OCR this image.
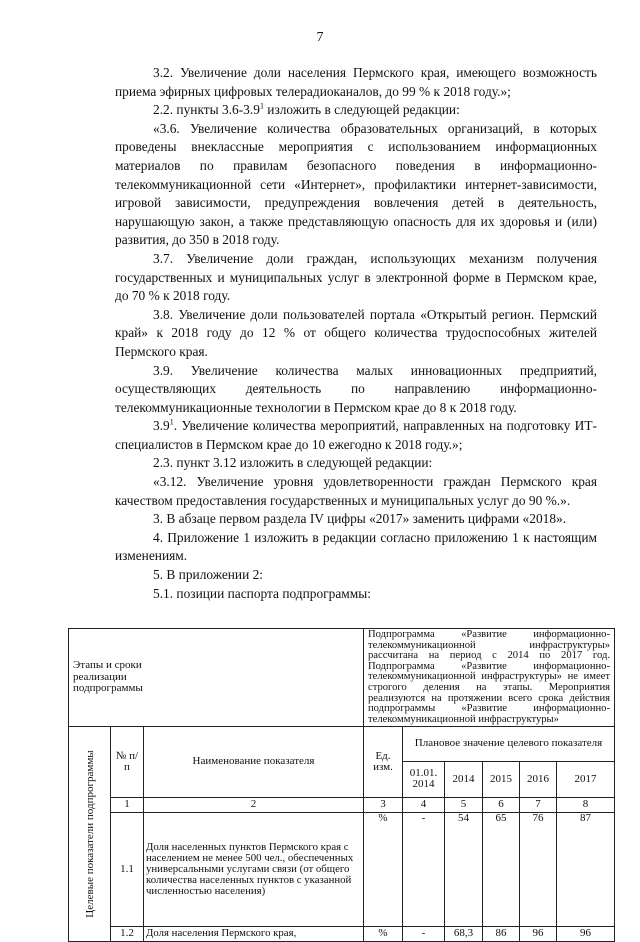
7

3.2. Увеличение доли населения Пермского края, имеющего возможность приема эфирных цифровых телерадиоканалов, до 99 % к 2018 году.»;

2.2. пункты $3.6-3.9^1$ изложить в следующей редакции:

«3.6. Увеличение количества образовательных организаций, в которых проведены внеклассные мероприятия с использованием информационных материалов по правилам безопасного поведения в информационно-телекоммуникационной сети «Интернет», профилактики интернет-зависимости, игровой зависимости, предупреждения вовлечения детей в деятельность, нарушающую закон, а также представляющую опасность для их здоровья и (или) развития, до 350 в 2018 году.

3.7. Увеличение доли граждан, использующих механизм получения государственных и муниципальных услуг в электронной форме в Пермском крае, до 70 % к 2018 году.

3.8. Увеличение доли пользователей портала «Открытый регион. Пермский край» к 2018 году до 12 % от общего количества трудоспособных жителей Пермского края.

3.9. Увеличение количества малых инновационных предприятий, осуществляющих деятельность по направлению информационно-телекоммуникационные технологии в Пермском крае до 8 к 2018 году.

$3.9^1$. Увеличение количества мероприятий, направленных на подготовку ИТ-специалистов в Пермском крае до 10 ежегодно к 2018 году.»;

2.3. пункт 3.12 изложить в следующей редакции:

«3.12. Увеличение уровня удовлетворенности граждан Пермского края качеством предоставления государственных и муниципальных услуг до 90 %.».

3. В абзаце первом раздела IV цифры «2017» заменить цифрами «2018».

4. Приложение 1 изложить в редакции согласно приложению 1 к настоящим изменениям.

5. В приложении 2:

5.1. позиции паспорта подпрограммы:

Этапы и сроки реализации подпрограммы			Подпрограмма «Развитие информационно-телекоммуникационной инфраструктуры» рассчитана на период с 2014 по 2017 год. Подпрограмма «Развитие информационно-телекоммуникационной инфраструктуры» не имеет строгого деления на этапы. Мероприятия реализуются на протяжении всего срока действия подпрограммы «Развитие информационно-телекоммуникационной инфраструктуры»					

Целевые показатели подпрограммы	№ п/п	Наименование показателя	Ед. изм.	Плановое значение целевого показателя				
				01.01. 2014	2014	2015	2016	2017
	1	2	3	4	5	6	7	8
	1.1	Доля населенных пунктов Пермского края с населением не менее 500 чел., обеспеченных универсальными услугами связи (от общего количества населенных пунктов с указанной численностью населения)	%	-	54	65	76	87
	1.2	Доля населения Пермского края,	%	-	68,3	86	96	96
